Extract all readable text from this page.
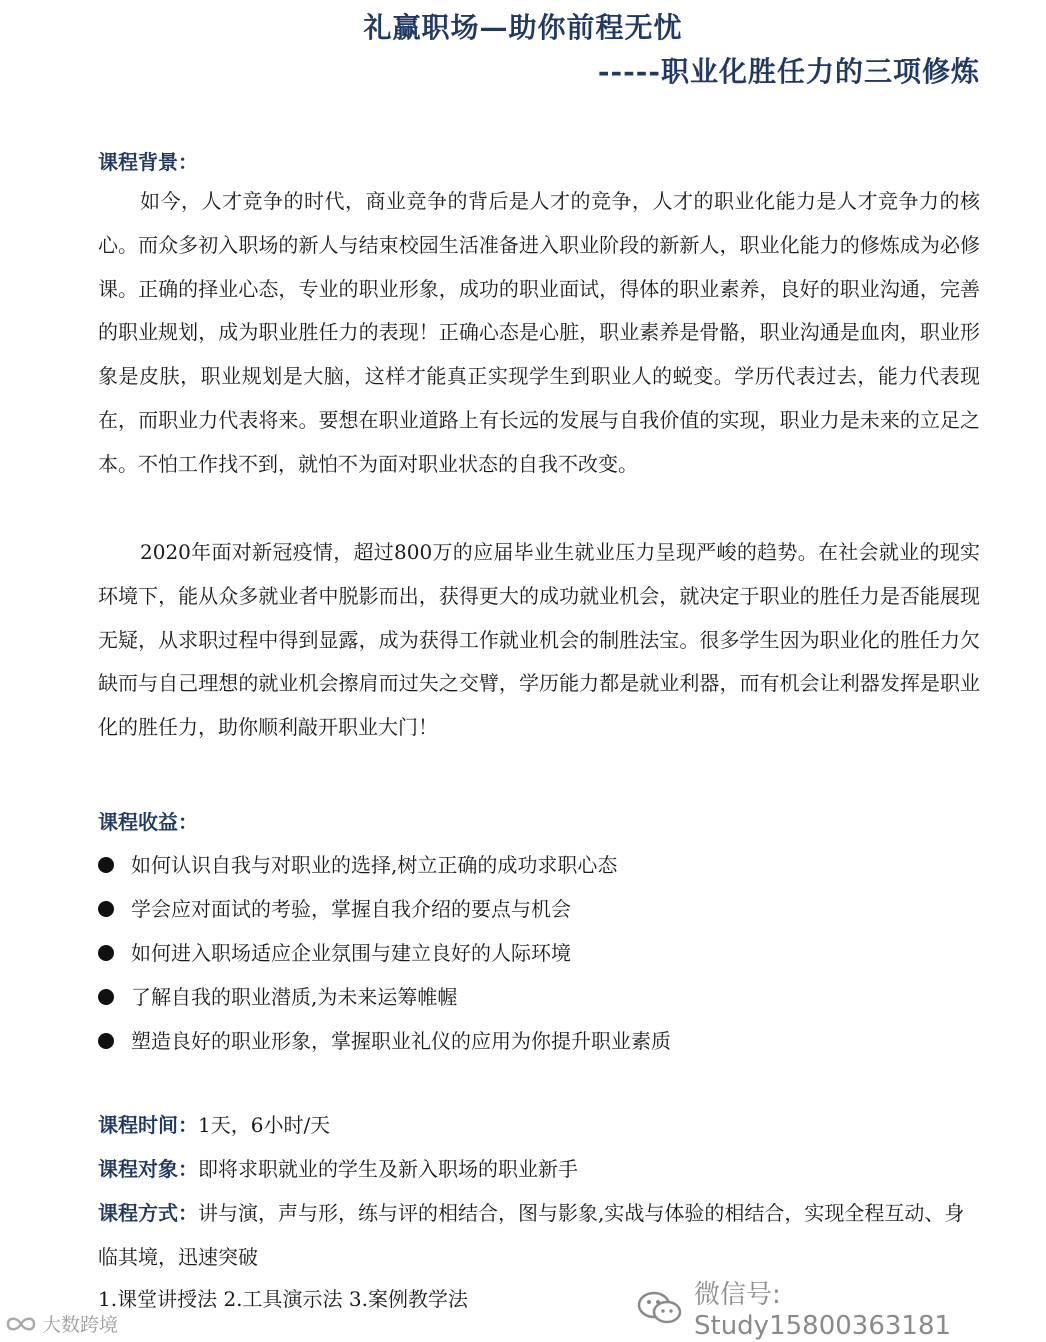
礼赢职场—助你前程无忧
-----职业化胜任力的三项修炼
课程背景：

如今，人才竞争的时代，商业竞争的背后是人才的竞争，人才的职业化能力是人才竞争力的核心。而众多初入职场的新人与结束校园生活准备进入职业阶段的新新人，职业化能力的修炼成为必修课。正确的择业心态，专业的职业形象，成功的职业面试，得体的职业素养，良好的职业沟通，完善的职业规划，成为职业胜任力的表现！正确心态是心脏，职业素养是骨骼，职业沟通是血肉，职业形象是皮肤，职业规划是大脑，这样才能真正实现学生到职业人的蜕变。学历代表过去，能力代表现在，而职业力代表将来。要想在职业道路上有长远的发展与自我价值的实现，职业力是未来的立足之本。不怕工作找不到，就怕不为面对职业状态的自我不改变。

2020年面对新冠疫情，超过800万的应届毕业生就业压力呈现严峻的趋势。在社会就业的现实环境下，能从众多就业者中脱影而出，获得更大的成功就业机会，就决定于职业的胜任力是否能展现无疑，从求职过程中得到显露，成为获得工作就业机会的制胜法宝。很多学生因为职业化的胜任力欠缺而与自己理想的就业机会擦肩而过失之交臂，学历能力都是就业利器，而有机会让利器发挥是职业化的胜任力，助你顺利敲开职业大门！

课程收益：
如何认识自我与对职业的选择,树立正确的成功求职心态
学会应对面试的考验，掌握自我介绍的要点与机会
如何进入职场适应企业氛围与建立良好的人际环境
了解自我的职业潜质,为未来运筹帷幄
塑造良好的职业形象，掌握职业礼仪的应用为你提升职业素质
课程时间：1天，6小时/天
课程对象：即将求职就业的学生及新入职场的职业新手
课程方式：讲与演，声与形，练与评的相结合，图与影象,实战与体验的相结合，实现全程互动、身临其境，迅速突破
1.课堂讲授法 2.工具演示法 3.案例教学法	微信号: Study15800363181
大数跨境
